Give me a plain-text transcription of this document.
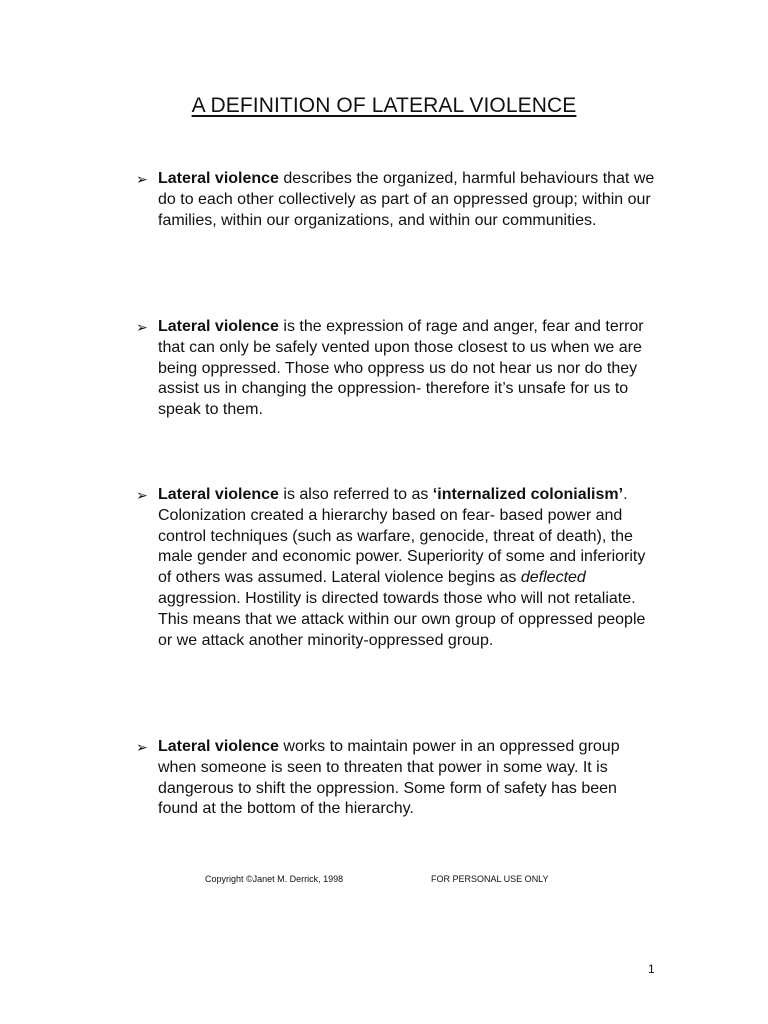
A DEFINITION OF LATERAL VIOLENCE
➢ Lateral violence describes the organized, harmful behaviours that we do to each other collectively as part of an oppressed group; within our families, within our organizations, and within our communities.
➢ Lateral violence is the expression of rage and anger, fear and terror that can only be safely vented upon those closest to us when we are being oppressed. Those who oppress us do not hear us nor do they assist us in changing the oppression- therefore it’s unsafe for us to speak to them.
➢ Lateral violence is also referred to as ‘internalized colonialism’. Colonization created a hierarchy based on fear- based power and control techniques (such as warfare, genocide, threat of death), the male gender and economic power. Superiority of some and inferiority of others was assumed. Lateral violence begins as deflected aggression. Hostility is directed towards those who will not retaliate. This means that we attack within our own group of oppressed people or we attack another minority-oppressed group.
➢ Lateral violence works to maintain power in an oppressed group when someone is seen to threaten that power in some way. It is dangerous to shift the oppression. Some form of safety has been found at the bottom of the hierarchy.
Copyright ©Janet M. Derrick, 1998	FOR PERSONAL USE ONLY
1
